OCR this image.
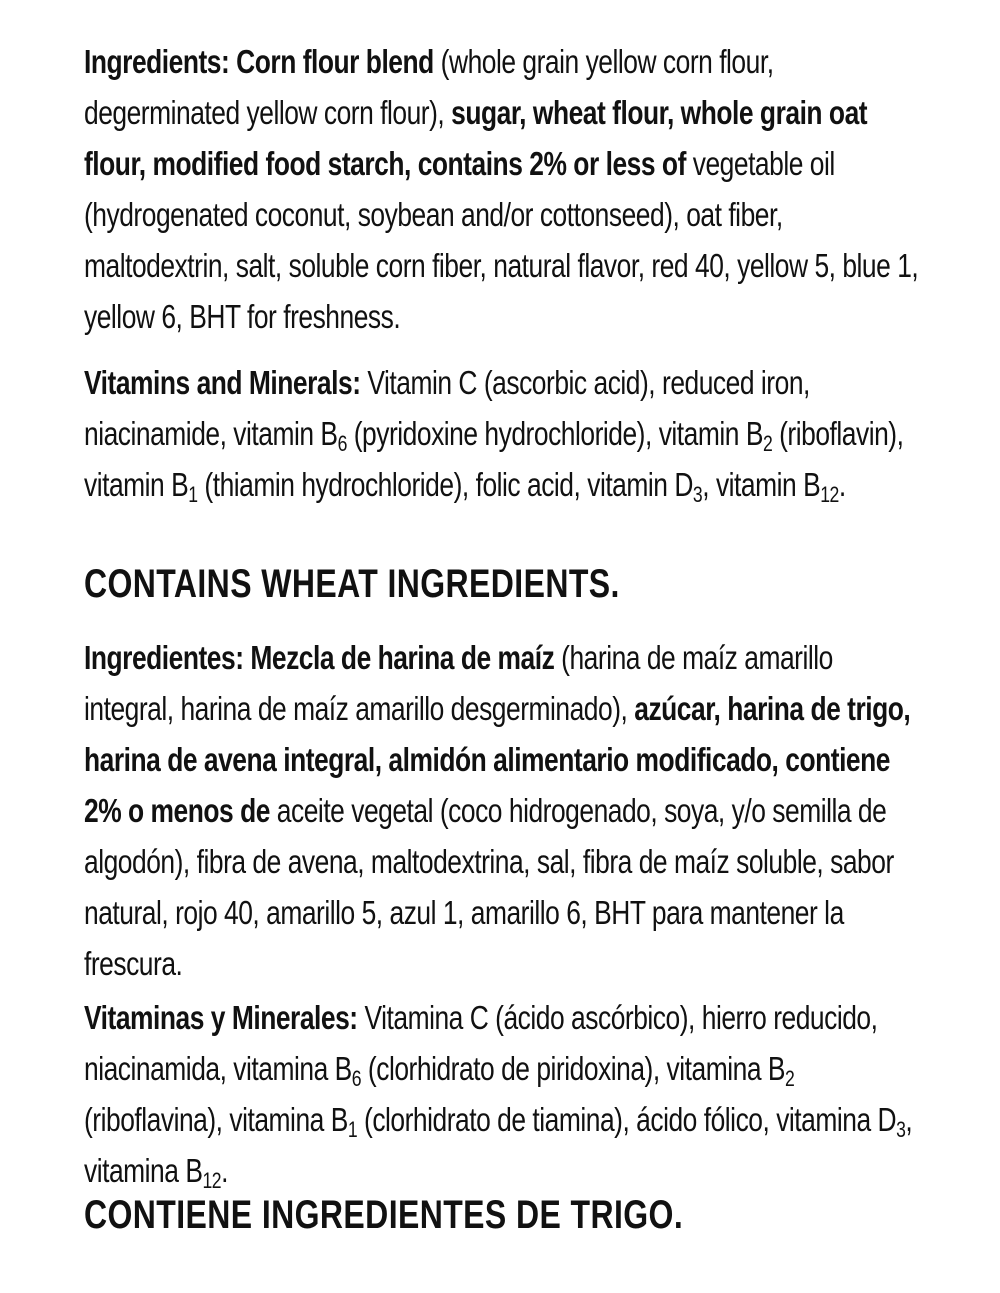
Ingredients: Corn flour blend (whole grain yellow corn flour, degerminated yellow corn flour), sugar, wheat flour, whole grain oat flour, modified food starch, contains 2% or less of vegetable oil (hydrogenated coconut, soybean and/or cottonseed), oat fiber, maltodextrin, salt, soluble corn fiber, natural flavor, red 40, yellow 5, blue 1, yellow 6, BHT for freshness.

Vitamins and Minerals: Vitamin C (ascorbic acid), reduced iron, niacinamide, vitamin $B_6$ (pyridoxine hydrochloride), vitamin $B_2$ (riboflavin), vitamin $B_1$ (thiamin hydrochloride), folic acid, vitamin $D_3$, vitamin $B_{12}$.

CONTAINS WHEAT INGREDIENTS.

Ingredientes: Mezcla de harina de maíz (harina de maíz amarillo integral, harina de maíz amarillo desgerminado), azúcar, harina de trigo, harina de avena integral, almidón alimentario modificado, contiene 2% o menos de aceite vegetal (coco hidrogenado, soya, y/o semilla de algodón), fibra de avena, maltodextrina, sal, fibra de maíz soluble, sabor natural, rojo 40, amarillo 5, azul 1, amarillo 6, BHT para mantener la frescura.

Vitaminas y Minerales: Vitamina C (ácido ascórbico), hierro reducido, niacinamida, vitamina $B_6$ (clorhidrato de piridoxina), vitamina $B_2$ (riboflavina), vitamina $B_1$ (clorhidrato de tiamina), ácido fólico, vitamina $D_3$, vitamina $B_{12}$.

CONTIENE INGREDIENTES DE TRIGO.
